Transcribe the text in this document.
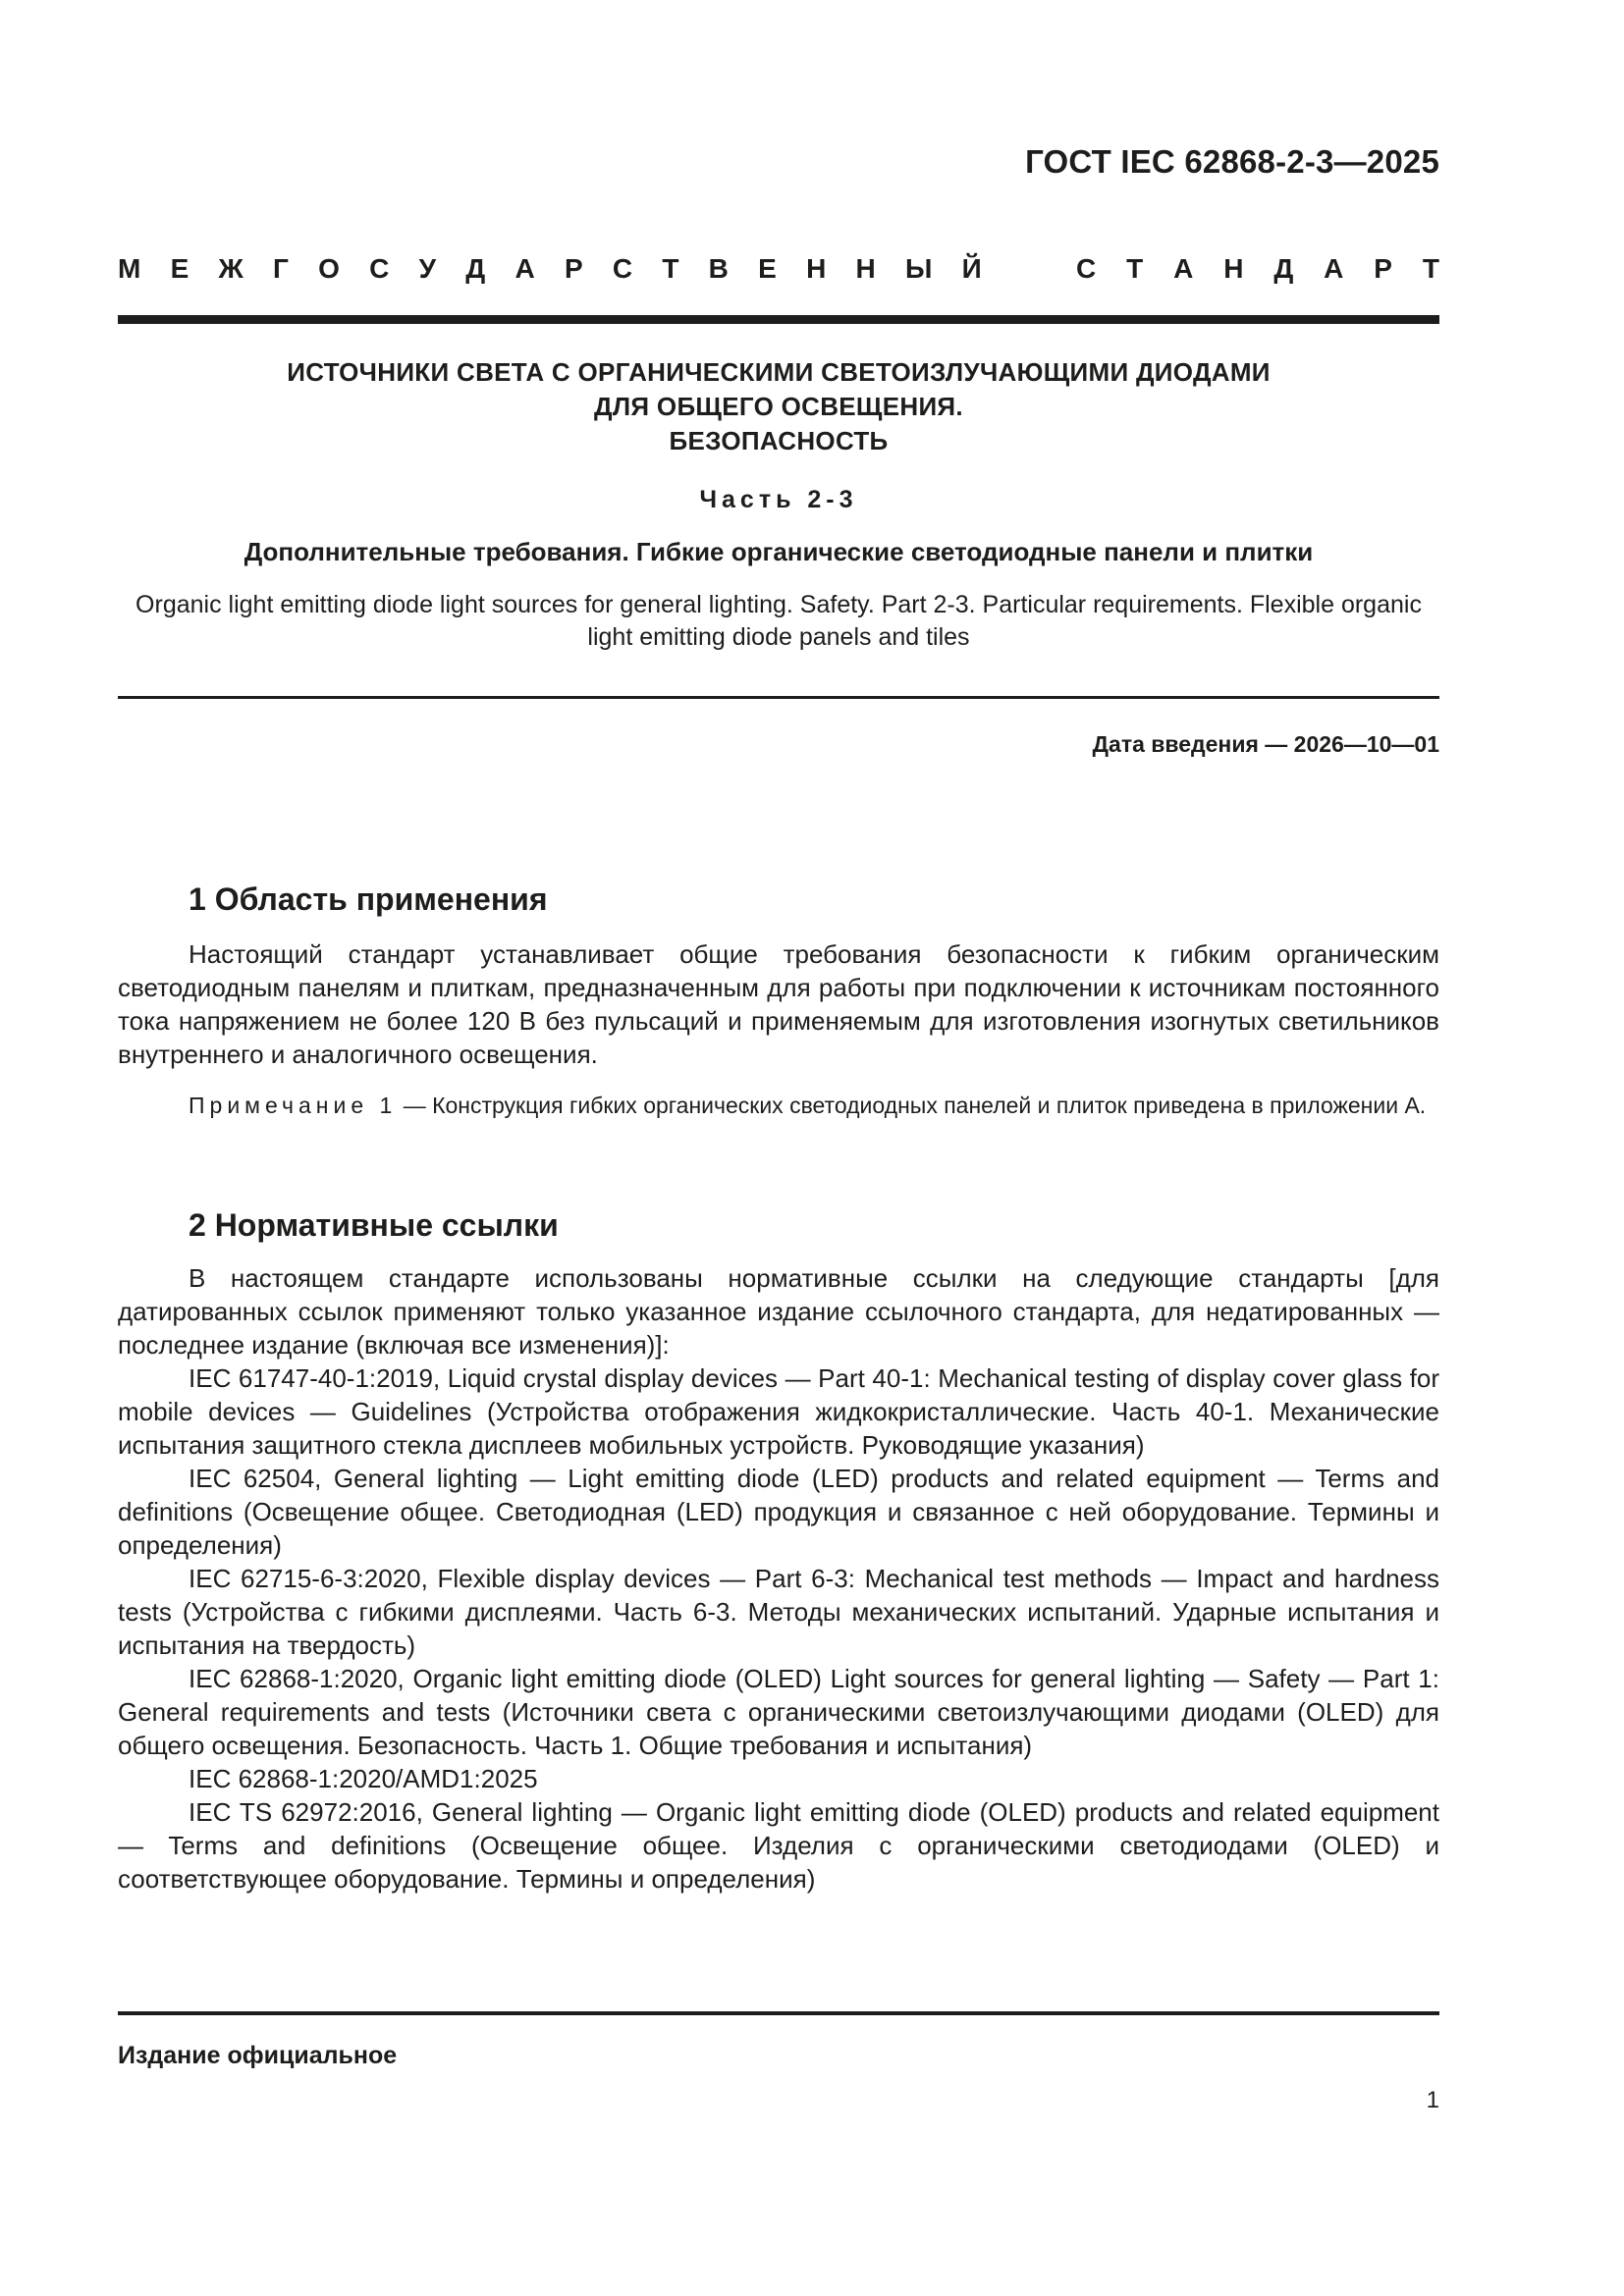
ГОСТ IEC 62868-2-3—2025
М Е Ж Г О С У Д А Р С Т В Е Н Н Ы Й	С Т А Н Д А Р Т
ИСТОЧНИКИ СВЕТА С ОРГАНИЧЕСКИМИ СВЕТОИЗЛУЧАЮЩИМИ ДИОДАМИ
ДЛЯ ОБЩЕГО ОСВЕЩЕНИЯ.
БЕЗОПАСНОСТЬ
Часть 2-3
Дополнительные требования. Гибкие органические светодиодные панели и плитки
Organic light emitting diode light sources for general lighting. Safety. Part 2-3. Particular requirements. Flexible organic light emitting diode panels and tiles
Дата введения — 2026—10—01
1 Область применения

Настоящий стандарт устанавливает общие требования безопасности к гибким органическим светодиодным панелям и плиткам, предназначенным для работы при подключении к источникам постоянного тока напряжением не более 120 В без пульсаций и применяемым для изготовления изогнутых светильников внутреннего и аналогичного освещения.

Примечание 1 — Конструкция гибких органических светодиодных панелей и плиток приведена в приложении А.

2 Нормативные ссылки

В настоящем стандарте использованы нормативные ссылки на следующие стандарты [для датированных ссылок применяют только указанное издание ссылочного стандарта, для недатированных — последнее издание (включая все изменения)]:

IEC 61747-40-1:2019, Liquid crystal display devices — Part 40-1: Mechanical testing of display cover glass for mobile devices — Guidelines (Устройства отображения жидкокристаллические. Часть 40-1. Механические испытания защитного стекла дисплеев мобильных устройств. Руководящие указания)

IEC 62504, General lighting — Light emitting diode (LED) products and related equipment — Terms and definitions (Освещение общее. Светодиодная (LED) продукция и связанное с ней оборудование. Термины и определения)

IEC 62715-6-3:2020, Flexible display devices — Part 6-3: Mechanical test methods — Impact and hardness tests (Устройства с гибкими дисплеями. Часть 6-3. Методы механических испытаний. Ударные испытания и испытания на твердость)

IEC 62868-1:2020, Organic light emitting diode (OLED) Light sources for general lighting — Safety — Part 1: General requirements and tests (Источники света с органическими светоизлучающими диодами (OLED) для общего освещения. Безопасность. Часть 1. Общие требования и испытания)

IEC 62868-1:2020/AMD1:2025

IEC TS 62972:2016, General lighting — Organic light emitting diode (OLED) products and related equipment — Terms and definitions (Освещение общее. Изделия с органическими светодиодами (OLED) и соответствующее оборудование. Термины и определения)

Издание официальное
1
